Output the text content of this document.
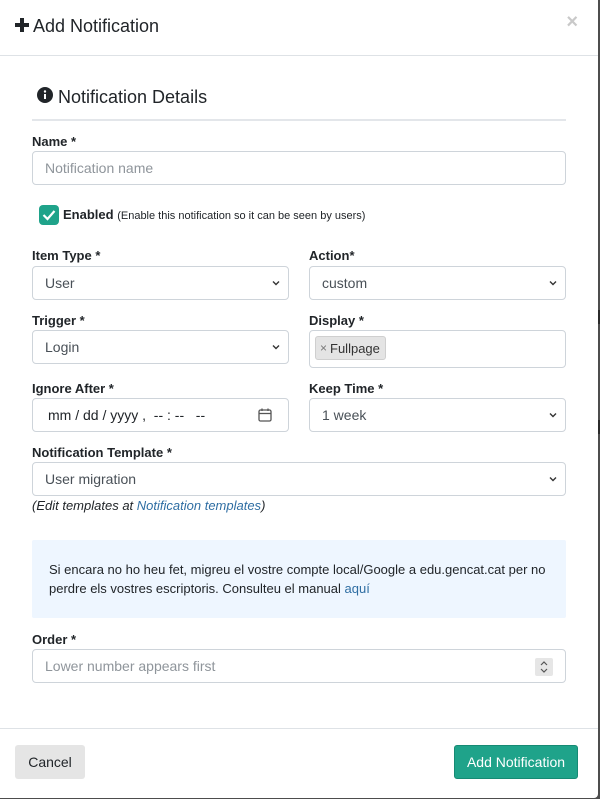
Add Notification	×
Notification Details
Name *
Notification name
Enabled (Enable this notification so it can be seen by users)
Item Type *
User
Action*
custom
Trigger *
Login
Display *
× Fullpage
Ignore After *
mm / dd / yyyy ,  -- : --   --
Keep Time *
1 week
Notification Template *
User migration
(Edit templates at Notification templates)
Si encara no ho heu fet, migreu el vostre compte local/Google a edu.gencat.cat per no perdre els vostres escriptoris. Consulteu el manual aquí
Order *
Lower number appears first
Cancel	Add Notification
